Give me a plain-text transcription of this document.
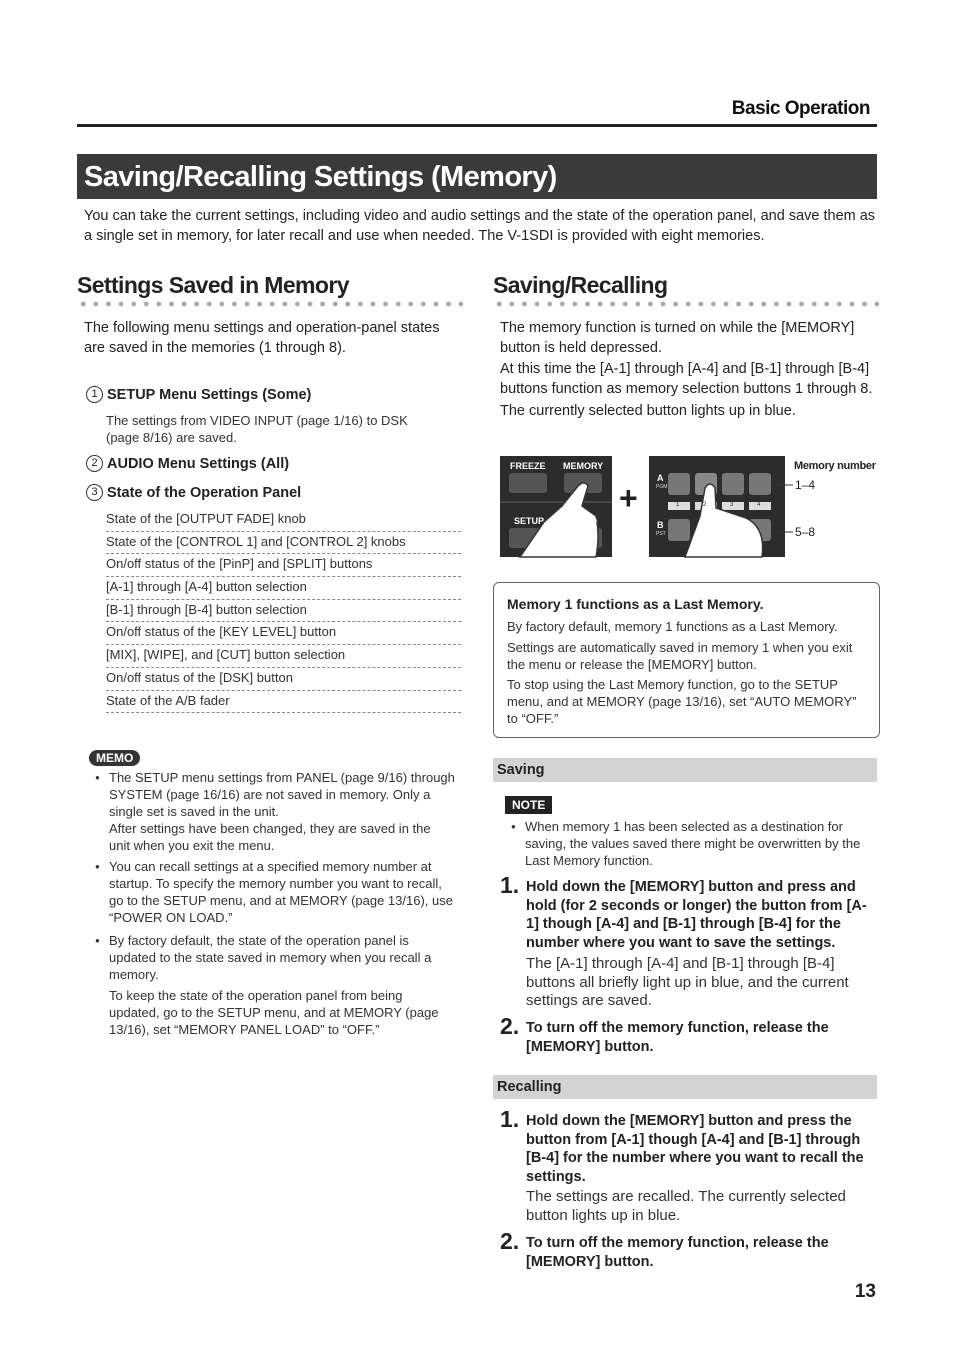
Basic Operation
Saving/Recalling Settings (Memory)
You can take the current settings, including video and audio settings and the state of the operation panel, and save them as a single set in memory, for later recall and use when needed. The V-1SDI is provided with eight memories.
Settings Saved in Memory
The following menu settings and operation-panel states are saved in the memories (1 through 8).
1 SETUP Menu Settings (Some)
The settings from VIDEO INPUT (page 1/16) to DSK (page 8/16) are saved.
2 AUDIO Menu Settings (All)
3 State of the Operation Panel
State of the [OUTPUT FADE] knob
State of the [CONTROL 1] and [CONTROL 2] knobs
On/off status of the [PinP] and [SPLIT] buttons
[A-1] through [A-4] button selection
[B-1] through [B-4] button selection
On/off status of the [KEY LEVEL] button
[MIX], [WIPE], and [CUT] button selection
On/off status of the [DSK] button
State of the A/B fader
MEMO
● The SETUP menu settings from PANEL (page 9/16) through SYSTEM (page 16/16) are not saved in memory. Only a single set is saved in the unit.
After settings have been changed, they are saved in the unit when you exit the menu.
● You can recall settings at a specified memory number at startup. To specify the memory number you want to recall, go to the SETUP menu, and at MEMORY (page 13/16), use “POWER ON LOAD.”
● By factory default, the state of the operation panel is updated to the state saved in memory when you recall a memory.
To keep the state of the operation panel from being updated, go to the SETUP menu, and at MEMORY (page 13/16), set “MEMORY PANEL LOAD” to “OFF.”
Saving/Recalling
The memory function is turned on while the [MEMORY] button is held depressed.
At this time the [A-1] through [A-4] and [B-1] through [B-4] buttons function as memory selection buttons 1 through 8.
The currently selected button lights up in blue.
FREEZE MEMORY
SETUP	AUDIO
+
A
PGM
B
PST
1	2	3	4
Memory number
1–4
5–8
Memory 1 functions as a Last Memory.
By factory default, memory 1 functions as a Last Memory.
Settings are automatically saved in memory 1 when you exit the menu or release the [MEMORY] button.
To stop using the Last Memory function, go to the SETUP menu, and at MEMORY (page 13/16), set “AUTO MEMORY” to “OFF.”
Saving
NOTE
● When memory 1 has been selected as a destination for saving, the values saved there might be overwritten by the Last Memory function.
1. Hold down the [MEMORY] button and press and hold (for 2 seconds or longer) the button from [A-1] though [A-4] and [B-1] through [B-4] for the number where you want to save the settings.
The [A-1] through [A-4] and [B-1] through [B-4] buttons all briefly light up in blue, and the current settings are saved.
2. To turn off the memory function, release the [MEMORY] button.
Recalling
1. Hold down the [MEMORY] button and press the button from [A-1] though [A-4] and [B-1] through [B-4] for the number where you want to recall the settings.
The settings are recalled. The currently selected button lights up in blue.
2. To turn off the memory function, release the [MEMORY] button.
13
